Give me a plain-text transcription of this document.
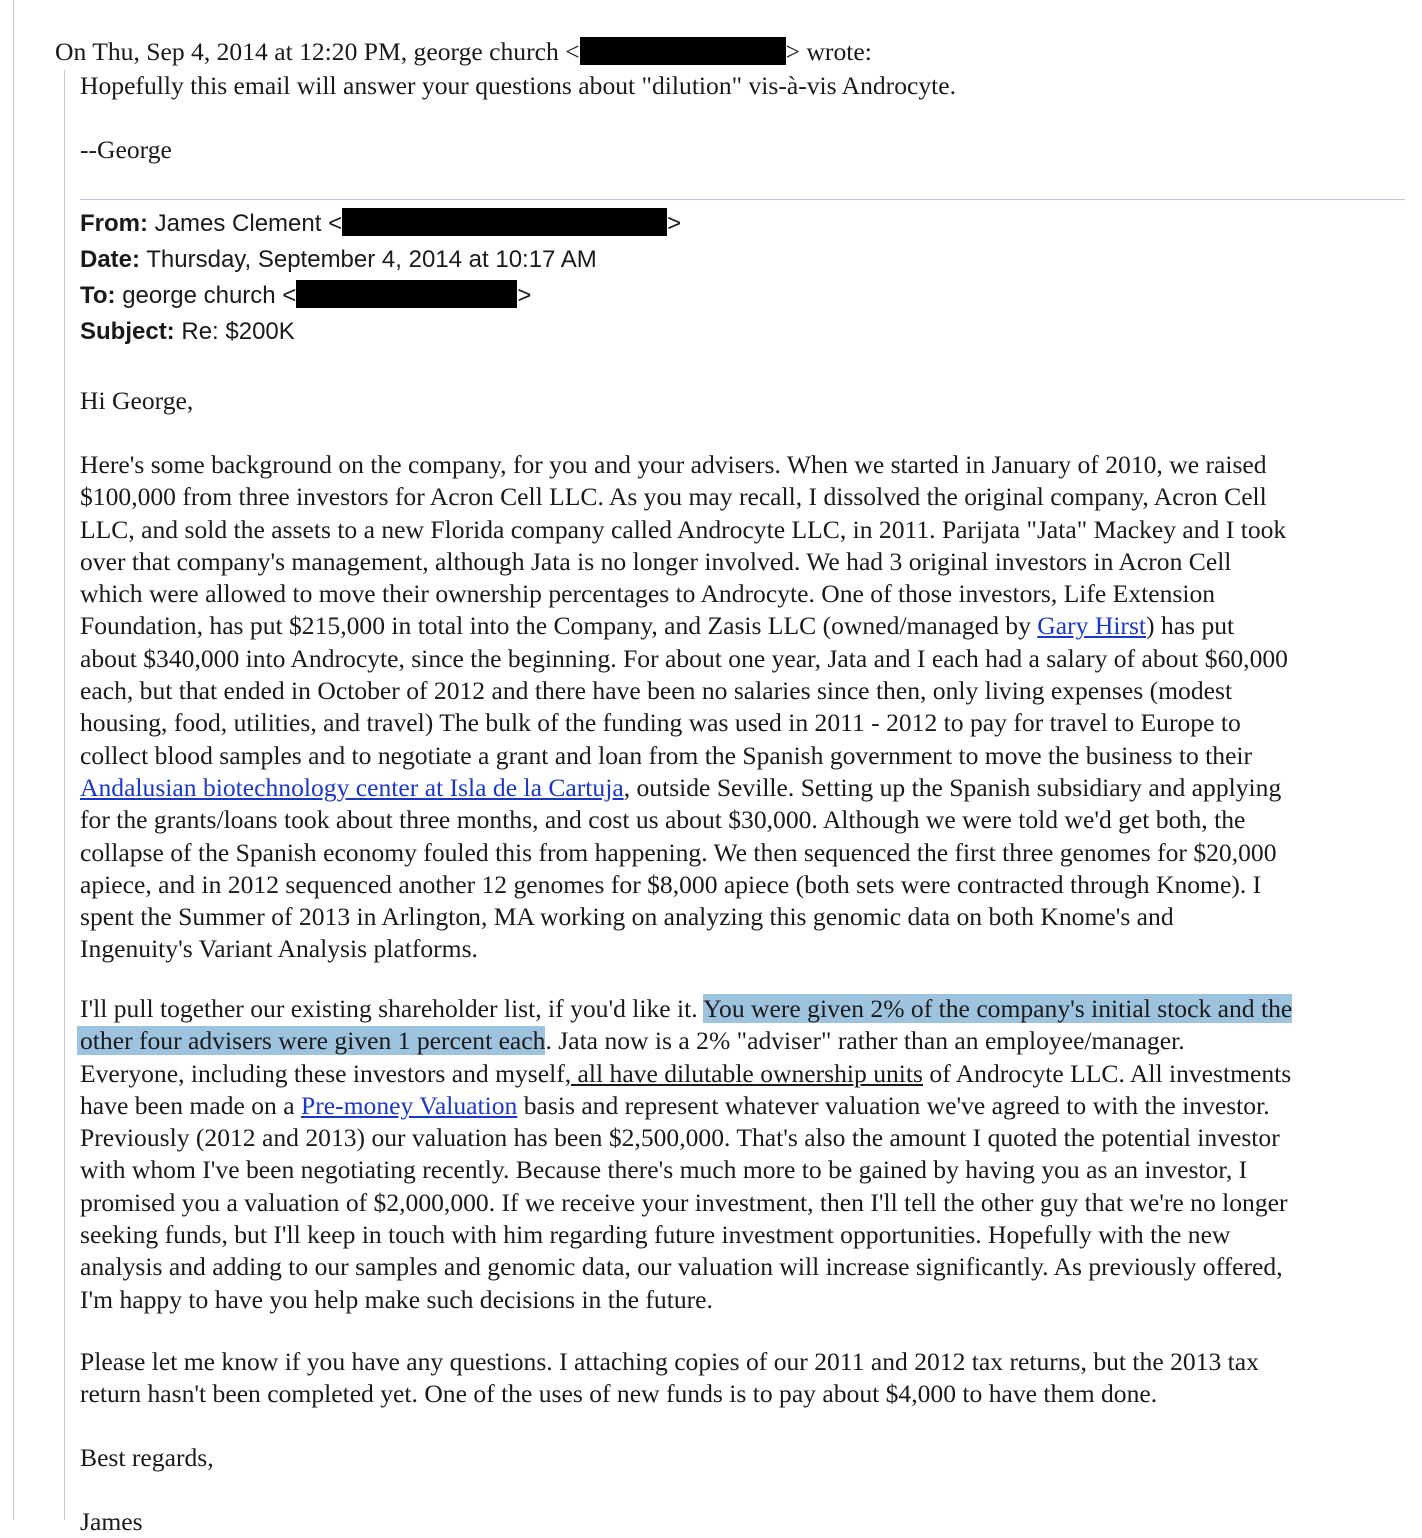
On Thu, Sep 4, 2014 at 12:20 PM, george church <	> wrote:
Hopefully this email will answer your questions about "dilution" vis-à-vis Androcyte.
--George
From: James Clement <	>
Date: Thursday, September 4, 2014 at 10:17 AM
To: george church <	>
Subject: Re: $200K
Hi George,
Here's some background on the company, for you and your advisers. When we started in January of 2010, we raised
$100,000 from three investors for Acron Cell LLC. As you may recall, I dissolved the original company, Acron Cell
LLC, and sold the assets to a new Florida company called Androcyte LLC, in 2011. Parijata "Jata" Mackey and I took
over that company's management, although Jata is no longer involved. We had 3 original investors in Acron Cell
which were allowed to move their ownership percentages to Androcyte. One of those investors, Life Extension
Foundation, has put $215,000 in total into the Company, and Zasis LLC (owned/managed by Gary Hirst) has put
about $340,000 into Androcyte, since the beginning. For about one year, Jata and I each had a salary of about $60,000
each, but that ended in October of 2012 and there have been no salaries since then, only living expenses (modest
housing, food, utilities, and travel) The bulk of the funding was used in 2011 - 2012 to pay for travel to Europe to
collect blood samples and to negotiate a grant and loan from the Spanish government to move the business to their
Andalusian biotechnology center at Isla de la Cartuja, outside Seville. Setting up the Spanish subsidiary and applying
for the grants/loans took about three months, and cost us about $30,000. Although we were told we'd get both, the
collapse of the Spanish economy fouled this from happening. We then sequenced the first three genomes for $20,000
apiece, and in 2012 sequenced another 12 genomes for $8,000 apiece (both sets were contracted through Knome). I
spent the Summer of 2013 in Arlington, MA working on analyzing this genomic data on both Knome's and
Ingenuity's Variant Analysis platforms.
I'll pull together our existing shareholder list, if you'd like it. You were given 2% of the company's initial stock and the
other four advisers were given 1 percent each. Jata now is a 2% "adviser" rather than an employee/manager.
Everyone, including these investors and myself, all have dilutable ownership units of Androcyte LLC. All investments
have been made on a Pre-money Valuation basis and represent whatever valuation we've agreed to with the investor.
Previously (2012 and 2013) our valuation has been $2,500,000. That's also the amount I quoted the potential investor
with whom I've been negotiating recently. Because there's much more to be gained by having you as an investor, I
promised you a valuation of $2,000,000. If we receive your investment, then I'll tell the other guy that we're no longer
seeking funds, but I'll keep in touch with him regarding future investment opportunities. Hopefully with the new
analysis and adding to our samples and genomic data, our valuation will increase significantly. As previously offered,
I'm happy to have you help make such decisions in the future.
Please let me know if you have any questions. I attaching copies of our 2011 and 2012 tax returns, but the 2013 tax
return hasn't been completed yet. One of the uses of new funds is to pay about $4,000 to have them done.
Best regards,
James
